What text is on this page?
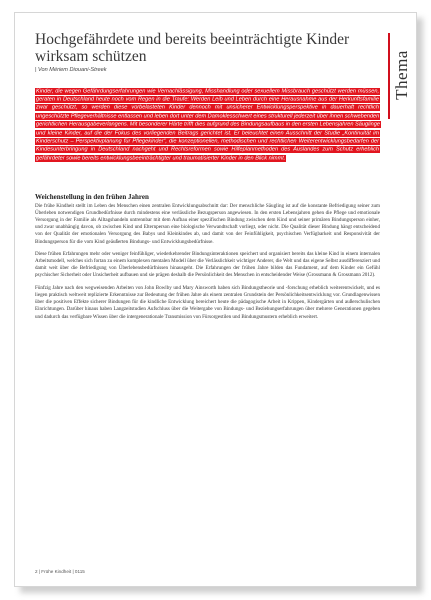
Thema
Hochgefährdete und bereits beeinträchtigte Kinder wirksam schützen
| Von Mériem Diouani-Streek
Kinder, die wegen Gefährdungserfahrungen wie Vernachlässigung, Misshandlung oder sexuellem Missbrauch geschützt werden müssen, geraten in Deutschland heute noch vom Regen in die Traufe: Werden Leib und Leben durch eine Herausnahme aus der Herkunftsfamilie zwar geschützt, so werden diese vorbelasteten Kinder dennoch mit unsicherer Entwicklungsperspektive in dauerhaft rechtlich ungeschützte Pflegeverhältnisse entlassen und leben dort unter dem Damoklesschwert eines strukturell jederzeit über ihnen schwebenden gerichtlichen Herausgabeverlangens. Mit besonderer Härte trifft dies aufgrund des Bindungsaufbaus in den ersten Lebensjahren Säuglinge und kleine Kinder, auf die der Fokus des vorliegenden Beitrags gerichtet ist. Er beleuchtet einen Ausschnitt der Studie „Kontinuität im Kinderschutz – Perspektivplanung für Pflegekinder“, die konzeptionellen, methodischen und rechtlichen Weiterentwicklungsbedarfen der Kindesunterbringung in Deutschland nachgeht und Rechtsreformen sowie Hilfeplanmethoden des Auslandes zum Schutz erheblich gefährdeter sowie bereits entwicklungsbeeinträchtigter und traumatisierter Kinder in den Blick nimmt.
Weichenstellung in den frühen Jahren

Die frühe Kindheit stellt im Leben des Menschen einen zentralen Entwicklungsabschnitt dar: Der menschliche Säugling ist auf die konstante Befriedigung seiner zum Überleben notwendigen Grundbedürfnisse durch mindestens eine verlässliche Bezugsperson angewiesen. In den ersten Lebensjahren gehen die Pflege und emotionale Versorgung in der Familie als Alltagshandeln untrennbar mit dem Aufbau einer spezifischen Bindung zwischen dem Kind und seiner primären Bindungsperson einher, und zwar unabhängig davon, ob zwischen Kind und Elternperson eine biologische Verwandtschaft vorliegt, oder nicht. Die Qualität dieser Bindung hängt entscheidend von der Qualität der emotionalen Versorgung des Babys und Kleinkindes ab, und damit von der Feinfühligkeit, psychischen Verfügbarkeit und Responsivität der Bindungsperson für die vom Kind geäußerten Bindungs- und Entwicklungsbedürfnisse.

Diese frühen Erfahrungen mehr oder weniger feinfühliger, wiederkehrender Bindungsinteraktionen speichert und organisiert bereits das kleine Kind in einem internalen Arbeitsmodell, welches sich fortan zu einem komplexen mentalen Modell über die Verlässlichkeit wichtiger Anderer, die Welt und das eigene Selbst ausdifferenziert und damit weit über die Befriedigung von Überlebensbedürfnissen hinausgeht. Die Erfahrungen der frühen Jahre bilden das Fundament, auf dem Kinder ein Gefühl psychischer Sicherheit oder Unsicherheit aufbauen und sie prägen deshalb die Persönlichkeit des Menschen in entscheidender Weise (Grossmann & Grossmann 2012).

Fünfzig Jahre nach den wegweisenden Arbeiten von John Bowlby und Mary Ainsworth haben sich Bindungstheorie und -forschung erheblich weiterentwickelt, und es liegen praktisch weltweit replizierte Erkenntnisse zur Bedeutung der frühen Jahre als einem zentralen Grundstein der Persönlichkeitsentwicklung vor. Grundlagenwissen über die positiven Effekte sicherer Bindungen für die kindliche Entwicklung bereichert heute die pädagogische Arbeit in Krippen, Kindergärten und außerschulischen Einrichtungen. Darüber hinaus haben Langzeitstudien Aufschluss über die Weitergabe von Bindungs- und Beziehungserfahrungen über mehrere Generationen gegeben und dadurch das verfügbare Wissen über die intergenerationale Transmission von Fürsorgestilen und Bindungsmustern erheblich erweitert.

2 | Frühe Kindheit | 0115
